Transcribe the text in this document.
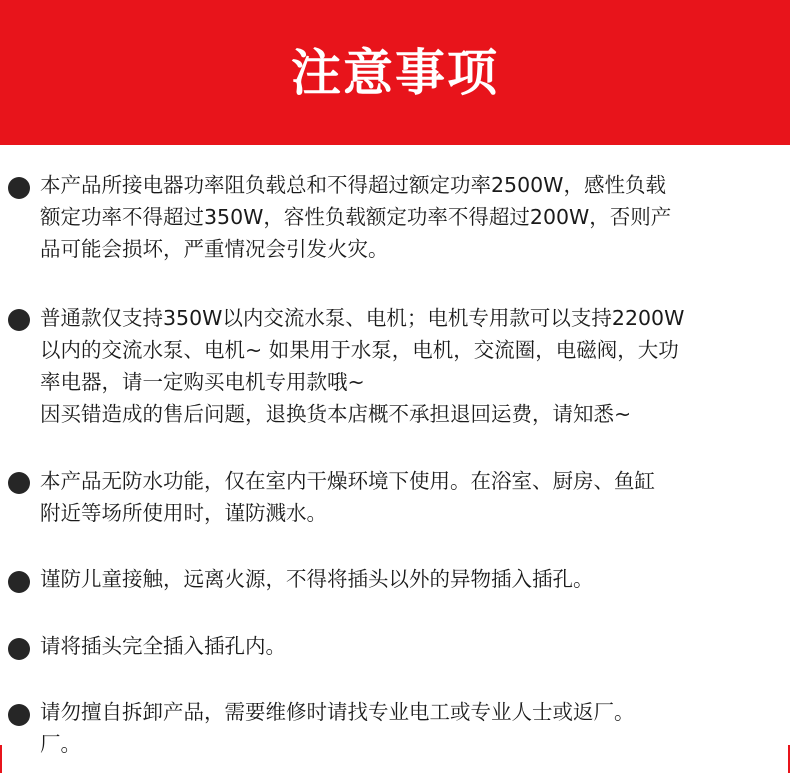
注意事项
本产品所接电器功率阻负载总和不得超过额定功率2500W，感性负载
额定功率不得超过350W，容性负载额定功率不得超过200W，否则产
品可能会损坏，严重情况会引发火灾。
普通款仅支持350W以内交流水泵、电机；电机专用款可以支持2200W
以内的交流水泵、电机~ 如果用于水泵，电机，交流圈，电磁阀，大功
率电器，请一定购买电机专用款哦~
因买错造成的售后问题，退换货本店概不承担退回运费，请知悉~
本产品无防水功能，仅在室内干燥环境下使用。在浴室、厨房、鱼缸
附近等场所使用时，谨防溅水。
谨防儿童接触，远离火源，不得将插头以外的异物插入插孔。
请将插头完全插入插孔内。
请勿擅自拆卸产品，需要维修时请找专业电工或专业人士或返厂。
厂。
